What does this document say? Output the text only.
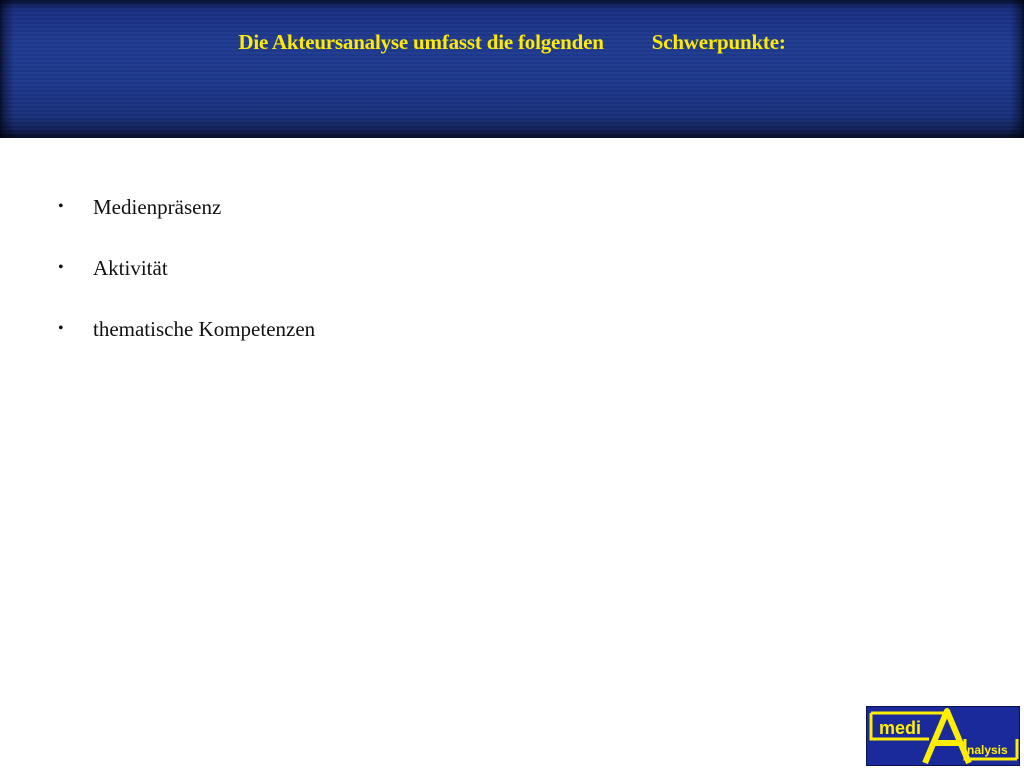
Die Akteursanalyse umfasst die folgenden Schwerpunkte:
• Medienpräsenz
• Aktivität
• thematische Kompetenzen
medi
nalysis
